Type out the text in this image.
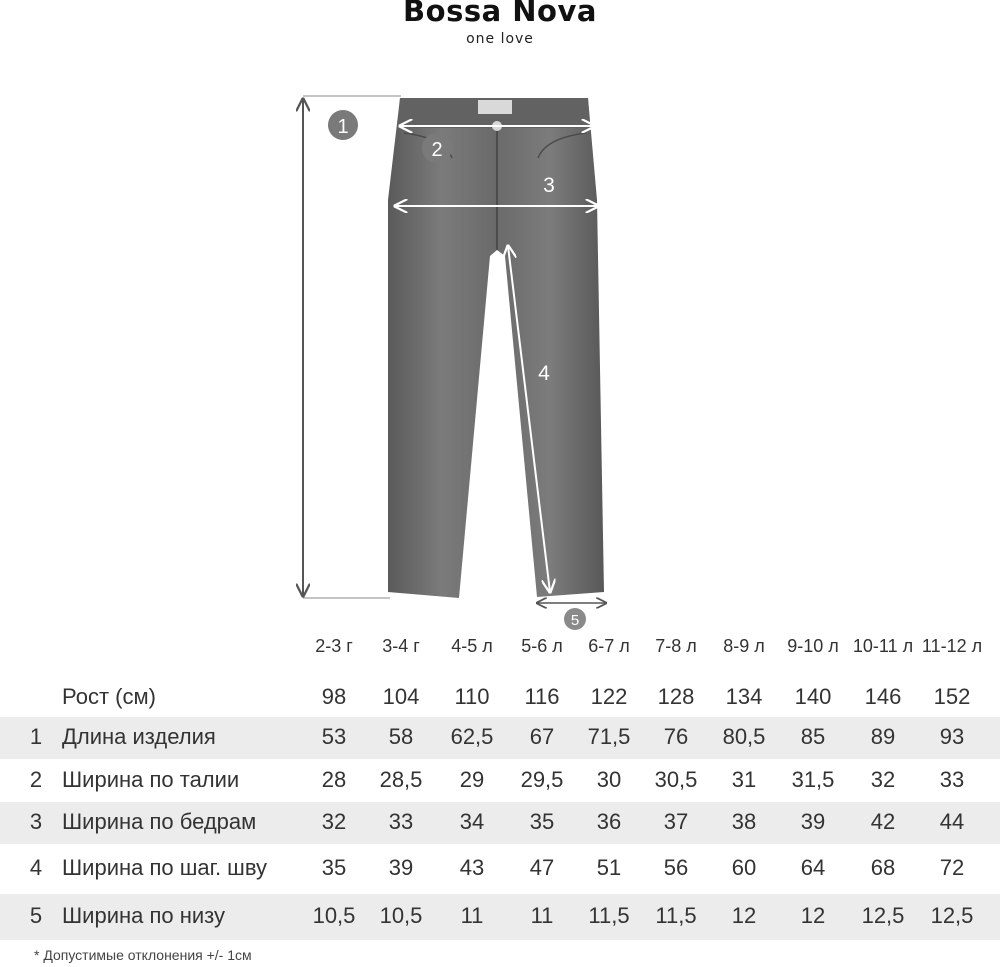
Bossa Nova
one love
1
2
3
4
5
2-3 г	3-4 г	4-5 л	5-6 л	6-7 л	7-8 л	8-9 л	9-10 л 10-11 л 11-12 л
Рост (см)	98	104	110	116	122	128	134	140	146	152
1 Длина изделия	53	58	62,5	67	71,5	76	80,5	85	89	93
2 Ширина по талии	28	28,5	29	29,5	30	30,5	31	31,5	32	33
3 Ширина по бедрам	32	33	34	35	36	37	38	39	42	44
4 Ширина по шаг. шву	35	39	43	47	51	56	60	64	68	72
5 Ширина по низу	10,5	10,5	11	11	11,5	11,5	12	12	12,5	12,5
* Допустимые отклонения +/- 1см
